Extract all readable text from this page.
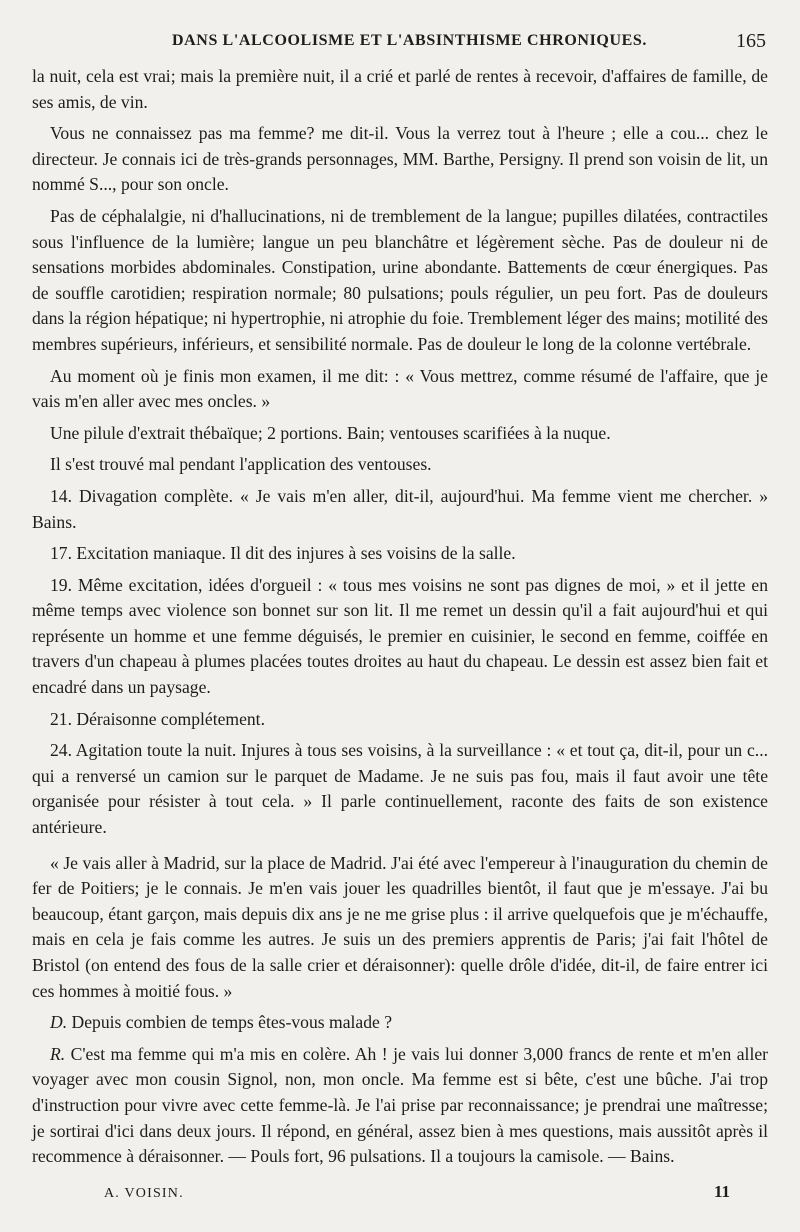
DANS L'ALCOOLISME ET L'ABSINTHISME CHRONIQUES.	165

la nuit, cela est vrai; mais la première nuit, il a crié et parlé de rentes à recevoir, d'affaires de famille, de ses amis, de vin.

Vous ne connaissez pas ma femme? me dit-il. Vous la verrez tout à l'heure ; elle a cou... chez le directeur. Je connais ici de très-grands personnages, MM. Barthe, Persigny. Il prend son voisin de lit, un nommé S..., pour son oncle.

Pas de céphalalgie, ni d'hallucinations, ni de tremblement de la langue; pupilles dilatées, contractiles sous l'influence de la lumière; langue un peu blanchâtre et légèrement sèche. Pas de douleur ni de sensations morbides abdominales. Constipation, urine abondante. Battements de cœur énergiques. Pas de souffle carotidien; respiration normale; 80 pulsations; pouls régulier, un peu fort. Pas de douleurs dans la région hépatique; ni hypertrophie, ni atrophie du foie. Tremblement léger des mains; motilité des membres supérieurs, inférieurs, et sensibilité normale. Pas de douleur le long de la colonne vertébrale.

Au moment où je finis mon examen, il me dit: : « Vous mettrez, comme résumé de l'affaire, que je vais m'en aller avec mes oncles. »

Une pilule d'extrait thébaïque; 2 portions. Bain; ventouses scarifiées à la nuque.

Il s'est trouvé mal pendant l'application des ventouses.

14. Divagation complète. « Je vais m'en aller, dit-il, aujourd'hui. Ma femme vient me chercher. » Bains.

17. Excitation maniaque. Il dit des injures à ses voisins de la salle.

19. Même excitation, idées d'orgueil : « tous mes voisins ne sont pas dignes de moi, » et il jette en même temps avec violence son bonnet sur son lit. Il me remet un dessin qu'il a fait aujourd'hui et qui représente un homme et une femme déguisés, le premier en cuisinier, le second en femme, coiffée en travers d'un chapeau à plumes placées toutes droites au haut du chapeau. Le dessin est assez bien fait et encadré dans un paysage.

21. Déraisonne complétement.

24. Agitation toute la nuit. Injures à tous ses voisins, à la surveillance : « et tout ça, dit-il, pour un c... qui a renversé un camion sur le parquet de Madame. Je ne suis pas fou, mais il faut avoir une tête organisée pour résister à tout cela. » Il parle continuellement, raconte des faits de son existence antérieure.

« Je vais aller à Madrid, sur la place de Madrid. J'ai été avec l'empereur à l'inauguration du chemin de fer de Poitiers; je le connais. Je m'en vais jouer les quadrilles bientôt, il faut que je m'essaye. J'ai bu beaucoup, étant garçon, mais depuis dix ans je ne me grise plus : il arrive quelquefois que je m'échauffe, mais en cela je fais comme les autres. Je suis un des premiers apprentis de Paris; j'ai fait l'hôtel de Bristol (on entend des fous de la salle crier et déraisonner): quelle drôle d'idée, dit-il, de faire entrer ici ces hommes à moitié fous. »

D. Depuis combien de temps êtes-vous malade ?

R. C'est ma femme qui m'a mis en colère. Ah ! je vais lui donner 3,000 francs de rente et m'en aller voyager avec mon cousin Signol, non, mon oncle. Ma femme est si bête, c'est une bûche. J'ai trop d'instruction pour vivre avec cette femme-là. Je l'ai prise par reconnaissance; je prendrai une maîtresse; je sortirai d'ici dans deux jours. Il répond, en général, assez bien à mes questions, mais aussitôt après il recommence à déraisonner. — Pouls fort, 96 pulsations. Il a toujours la camisole. — Bains.

A. VOISIN.	11
